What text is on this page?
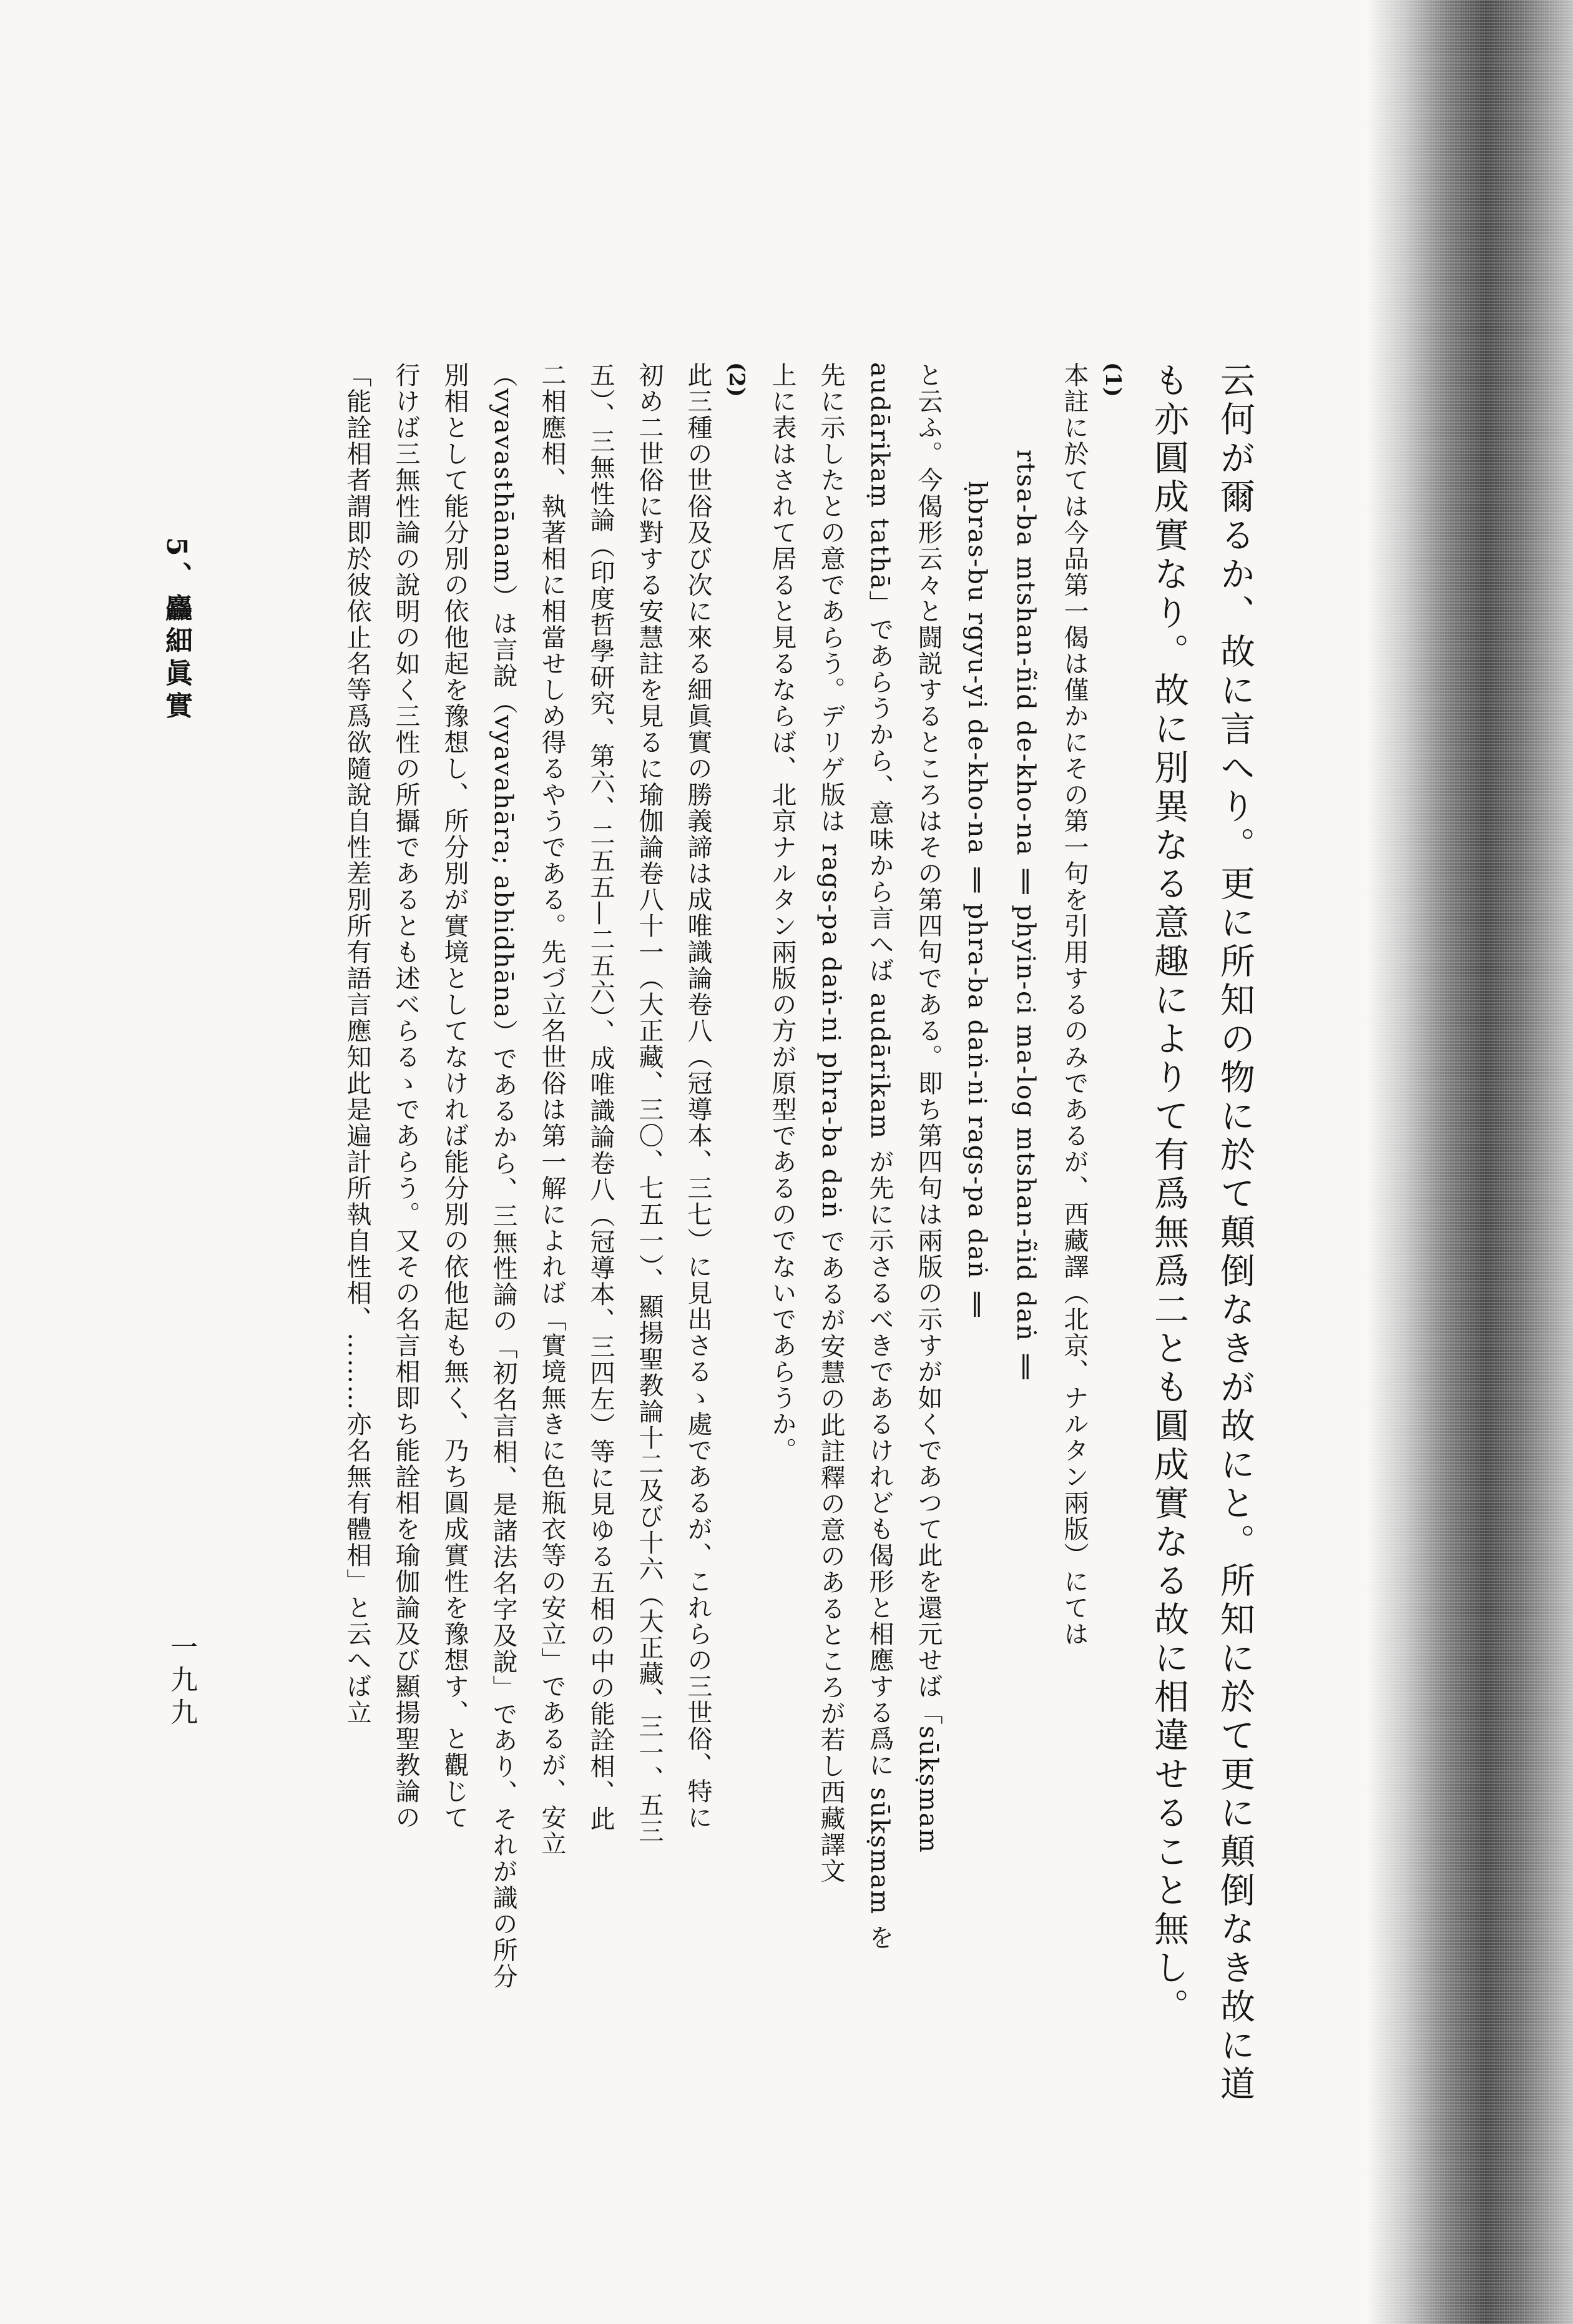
云何が爾るか、故に言へり。更に所知の物に於て顛倒なきが故にと。所知に於て更に顛倒なき故に道

も亦圓成實なり。故に別異なる意趣によりて有爲無爲二とも圓成實なる故に相違せること無し。

(1)

本註に於ては今品第一偈は僅かにその第一句を引用するのみであるが、西藏譯（北京、ナルタン兩版）にては

rtsa-ba mtshan-ñid de-kho-na ‖ phyin-ci ma-log mtshan-ñid daṅ ‖

ḥbras-bu rgyu-yi de-kho-na ‖ phra-ba daṅ-ni rags-pa daṅ ‖

と云ふ。今偈形云々と闘説するところはその第四句である。即ち第四句は兩版の示すが如くであつて此を還元せば「sūkṣmam

audārikaṃ tathā」であらうから、意味から言へば audārikam が先に示さるべきであるけれども偈形と相應する爲に sūkṣmam を

先に示したとの意であらう。デリゲ版は rags-pa daṅ-ni phra-ba daṅ であるが安慧の此註釋の意のあるところが若し西藏譯文

上に表はされて居ると見るならば、北京ナルタン兩版の方が原型であるのでないであらうか。

(2)

此三種の世俗及び次に來る細眞實の勝義諦は成唯識論卷八（冠導本、三七）に見出さるゝ處であるが、これらの三世俗、特に

初め二世俗に對する安慧註を見るに瑜伽論卷八十一（大正藏、三〇、七五一）、顯揚聖教論十二及び十六（大正藏、三一、五三

五）、三無性論（印度哲學研究、第六、二五五—二五六）、成唯識論卷八（冠導本、三四左）等に見ゆる五相の中の能詮相、此

二相應相、執著相に相當せしめ得るやうである。先づ立名世俗は第一解によれば「實境無きに色瓶衣等の安立」であるが、安立

（vyavasthānam）は言說（vyavahāra; abhidhāna）であるから、三無性論の「初名言相、是諸法名字及說」であり、それが識の所分

別相として能分別の依他起を豫想し、所分別が實境としてなければ能分別の依他起も無く、乃ち圓成實性を豫想す、と觀じて

行けば三無性論の說明の如く三性の所攝であるとも述べらるゝであらう。又その名言相即ち能詮相を瑜伽論及び顯揚聖教論の

「能詮相者謂即於彼依止名等爲欲隨說自性差別所有語言應知此是遍計所執自性相、………亦名無有體相」と云へば立

5、麤細眞實
一九九
